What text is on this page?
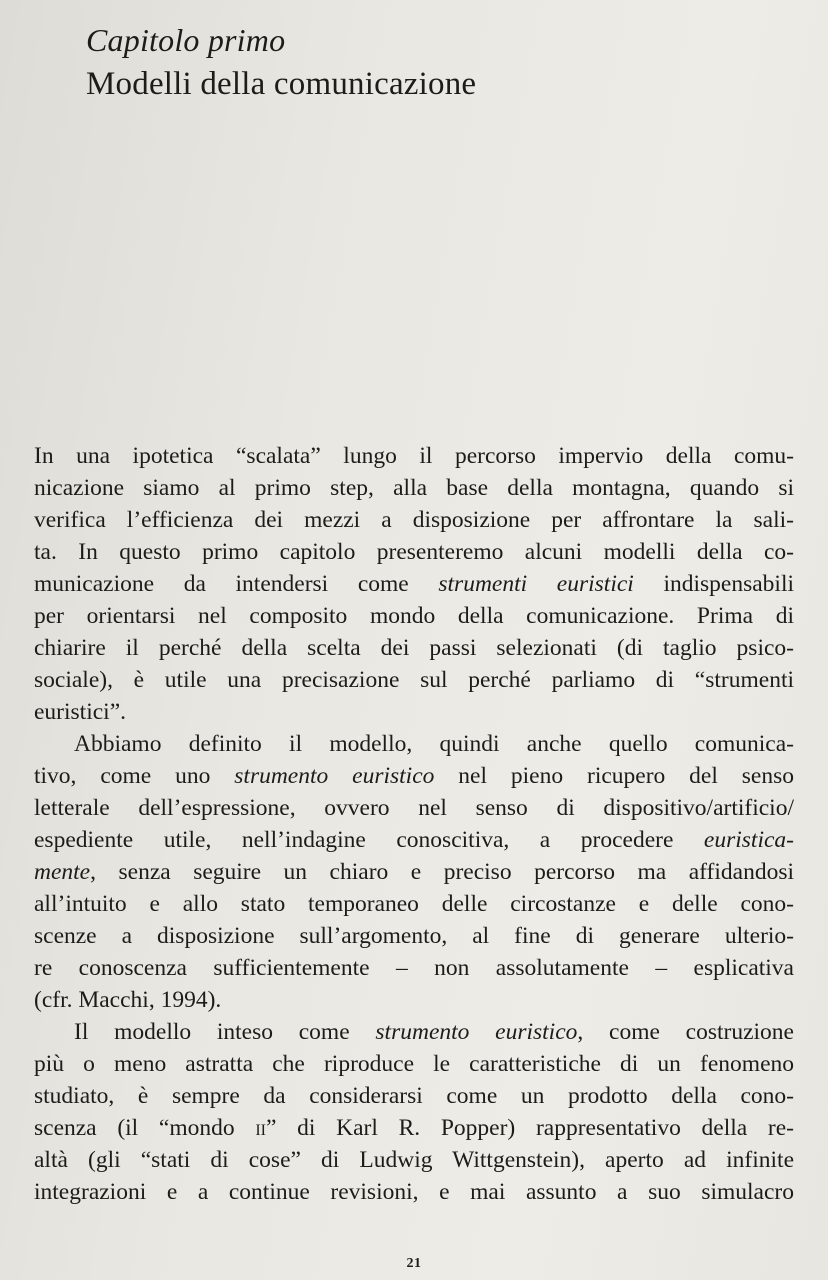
Capitolo primo
Modelli della comunicazione
In una ipotetica “scalata” lungo il percorso impervio della comu-
nicazione siamo al primo step, alla base della montagna, quando si
verifica l’efficienza dei mezzi a disposizione per affrontare la sali-
ta. In questo primo capitolo presenteremo alcuni modelli della co-
municazione da intendersi come strumenti euristici indispensabili
per orientarsi nel composito mondo della comunicazione. Prima di
chiarire il perché della scelta dei passi selezionati (di taglio psico-
sociale), è utile una precisazione sul perché parliamo di “strumenti
euristici”.
Abbiamo definito il modello, quindi anche quello comunica-
tivo, come uno strumento euristico nel pieno ricupero del senso
letterale dell’espressione, ovvero nel senso di dispositivo/artificio/
espediente utile, nell’indagine conoscitiva, a procedere euristica-
mente, senza seguire un chiaro e preciso percorso ma affidandosi
all’intuito e allo stato temporaneo delle circostanze e delle cono-
scenze a disposizione sull’argomento, al fine di generare ulterio-
re conoscenza sufficientemente – non assolutamente – esplicativa
(cfr. Macchi, 1994).
Il modello inteso come strumento euristico, come costruzione
più o meno astratta che riproduce le caratteristiche di un fenomeno
studiato, è sempre da considerarsi come un prodotto della cono-
scenza (il “mondo ii” di Karl R. Popper) rappresentativo della re-
altà (gli “stati di cose” di Ludwig Wittgenstein), aperto ad infinite
integrazioni e a continue revisioni, e mai assunto a suo simulacro
21
